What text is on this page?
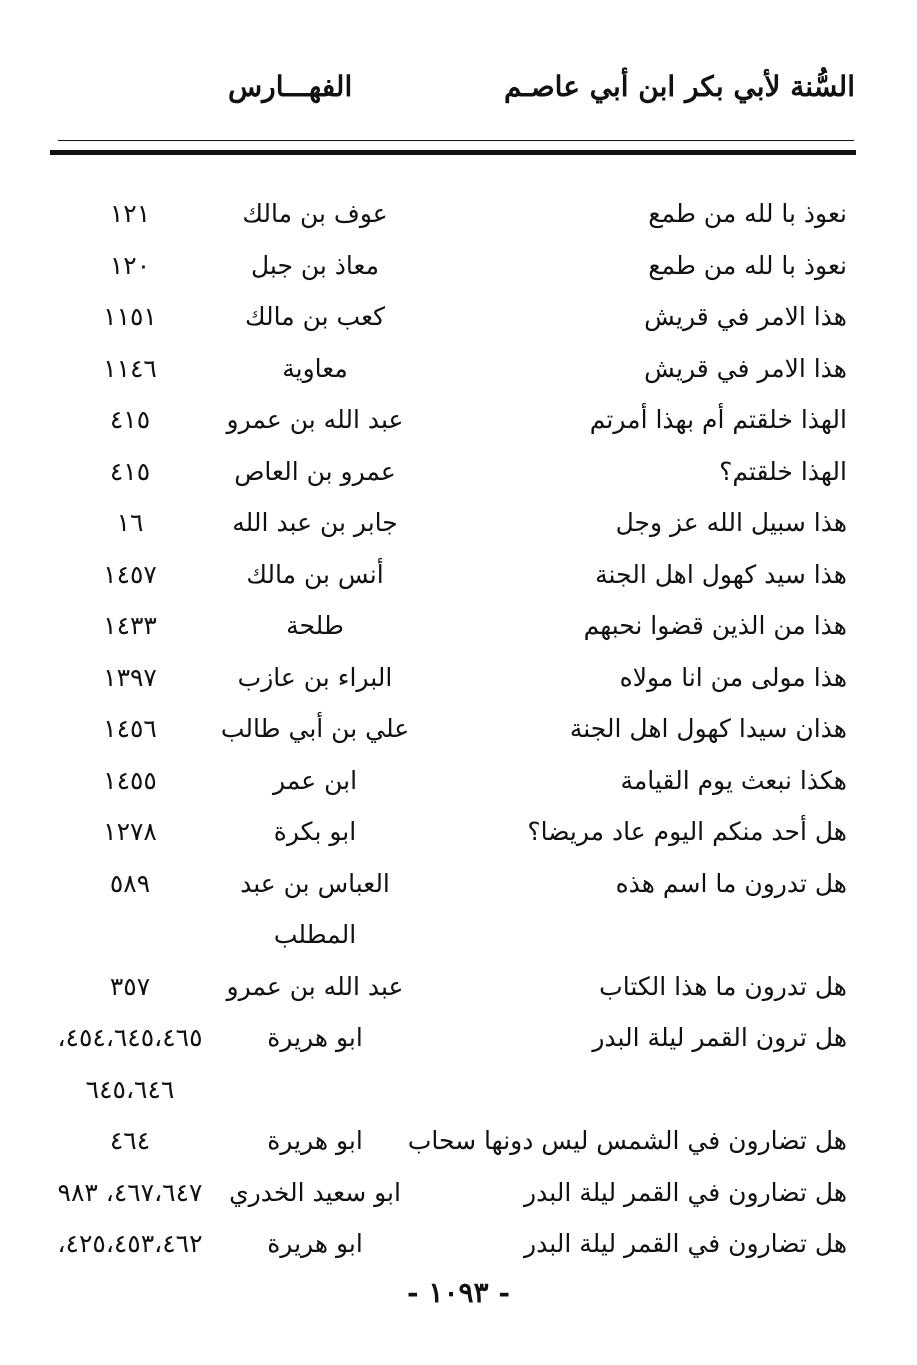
السُّنة لأبي بكر ابن أبي عاصـم
الفهـــارس
نعوذ با لله من طمع
عوف بن مالك
١٢١
نعوذ با لله من طمع
معاذ بن جبل
١٢٠
هذا الامر في قريش
كعب بن مالك
١١٥١
هذا الامر في قريش
معاوية
١١٤٦
الهذا خلقتم أم بهذا أمرتم
عبد الله بن عمرو
٤١٥
الهذا خلقتم؟
عمرو بن العاص
٤١٥
هذا سبيل الله عز وجل
جابر بن عبد الله
١٦
هذا سيد كهول اهل الجنة
أنس بن مالك
١٤٥٧
هذا من الذين قضوا نحبهم
طلحة
١٤٣٣
هذا مولى من انا مولاه
البراء بن عازب
١٣٩٧
هذان سيدا كهول اهل الجنة
علي بن أبي طالب
١٤٥٦
هكذا نبعث يوم القيامة
ابن عمر
١٤٥٥
هل أحد منكم اليوم عاد مريضا؟
ابو بكرة
١٢٧٨
هل تدرون ما اسم هذه
العباس بن عبد
٥٨٩
المطلب
هل تدرون ما هذا الكتاب
عبد الله بن عمرو
٣٥٧
هل ترون القمر ليلة البدر
ابو هريرة
٤٥٤،٦٤٥،٤٦٥،
٦٤٥،٦٤٦
هل تضارون في الشمس ليس دونها سحاب
ابو هريرة
٤٦٤
هل تضارون في القمر ليلة البدر
ابو سعيد الخدري
٤٦٧،٦٤٧، ٩٨٣
هل تضارون في القمر ليلة البدر
ابو هريرة
٤٢٥،٤٥٣،٤٦٢،
- ١٠٩٣ -
